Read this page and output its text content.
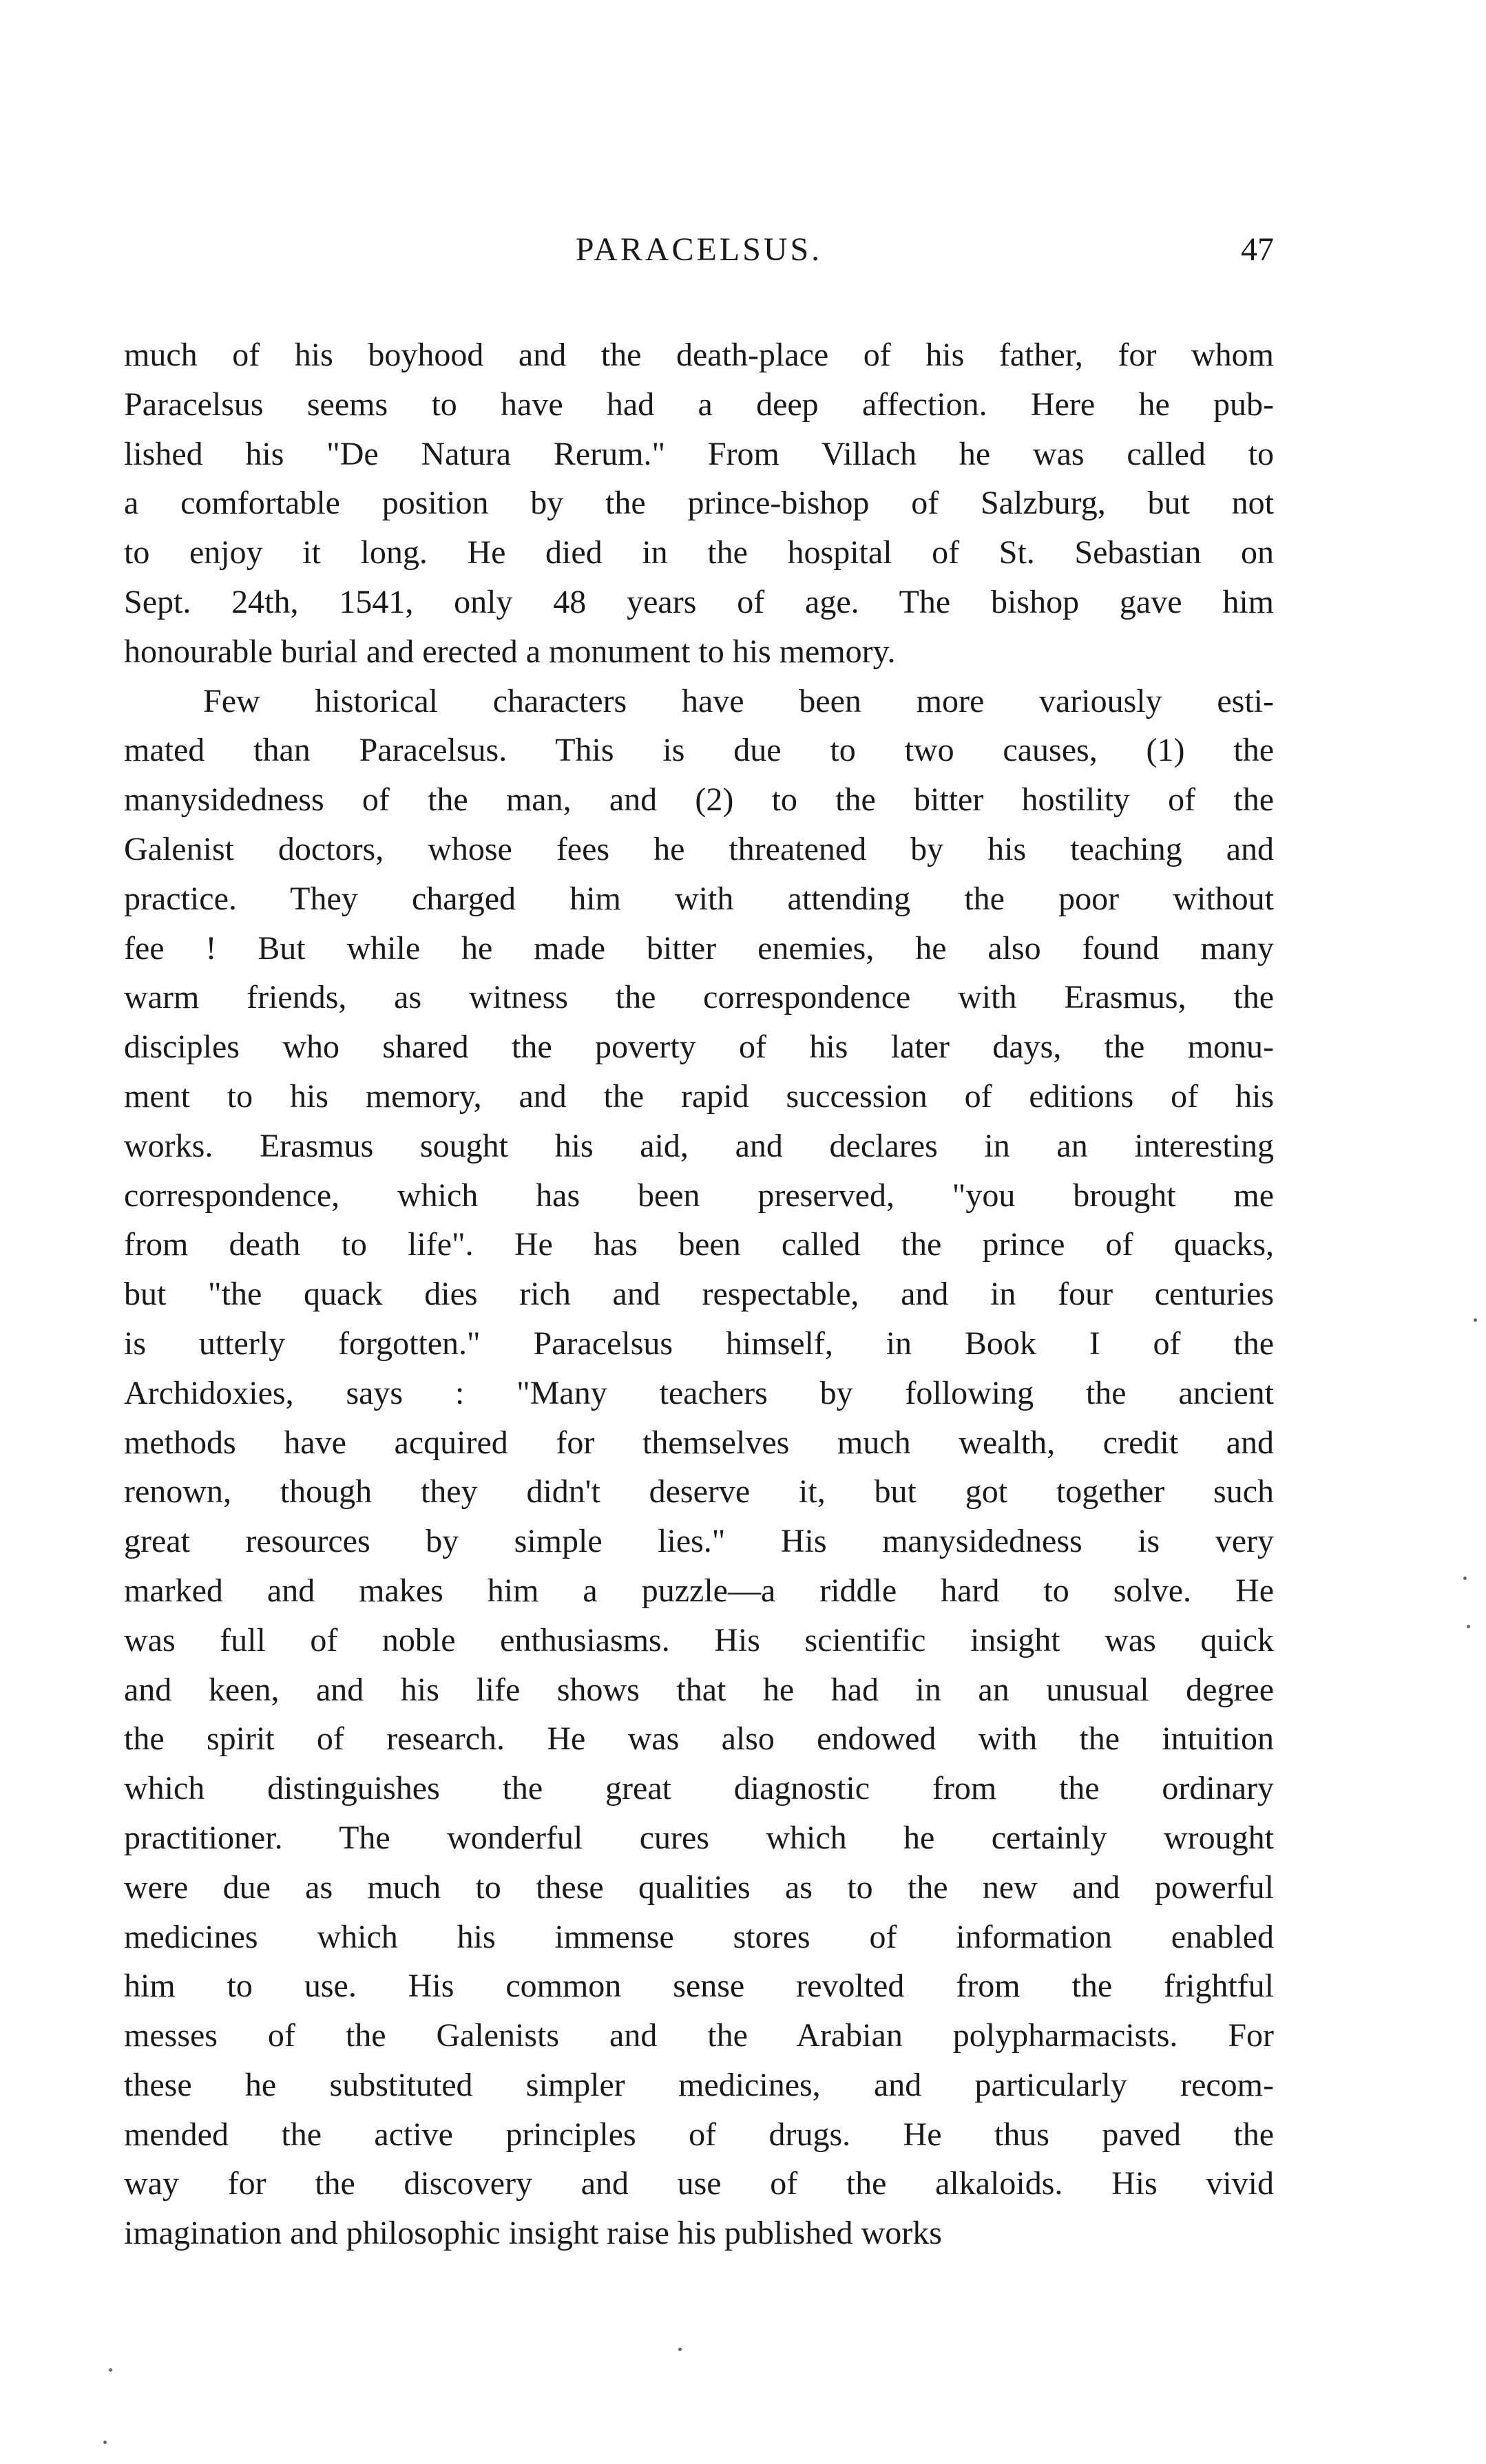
PARACELSUS.	47
much of his boyhood and the death-place of his father, for whom
Paracelsus seems to have had a deep affection. Here he pub-
lished his "De Natura Rerum." From Villach he was called to
a comfortable position by the prince-bishop of Salzburg, but not
to enjoy it long. He died in the hospital of St. Sebastian on
Sept. 24th, 1541, only 48 years of age. The bishop gave him
honourable burial and erected a monument to his memory.
Few historical characters have been more variously esti-
mated than Paracelsus. This is due to two causes, (1) the
manysidedness of the man, and (2) to the bitter hostility of the
Galenist doctors, whose fees he threatened by his teaching and
practice. They charged him with attending the poor without
fee ! But while he made bitter enemies, he also found many
warm friends, as witness the correspondence with Erasmus, the
disciples who shared the poverty of his later days, the monu-
ment to his memory, and the rapid succession of editions of his
works. Erasmus sought his aid, and declares in an interesting
correspondence, which has been preserved, "you brought me
from death to life". He has been called the prince of quacks,
but "the quack dies rich and respectable, and in four centuries
is utterly forgotten." Paracelsus himself, in Book I of the
Archidoxies, says : "Many teachers by following the ancient
methods have acquired for themselves much wealth, credit and
renown, though they didn't deserve it, but got together such
great resources by simple lies." His manysidedness is very
marked and makes him a puzzle—a riddle hard to solve. He
was full of noble enthusiasms. His scientific insight was quick
and keen, and his life shows that he had in an unusual degree
the spirit of research. He was also endowed with the intuition
which distinguishes the great diagnostic from the ordinary
practitioner. The wonderful cures which he certainly wrought
were due as much to these qualities as to the new and powerful
medicines which his immense stores of information enabled
him to use. His common sense revolted from the frightful
messes of the Galenists and the Arabian polypharmacists. For
these he substituted simpler medicines, and particularly recom-
mended the active principles of drugs. He thus paved the
way for the discovery and use of the alkaloids. His vivid
imagination and philosophic insight raise his published works
